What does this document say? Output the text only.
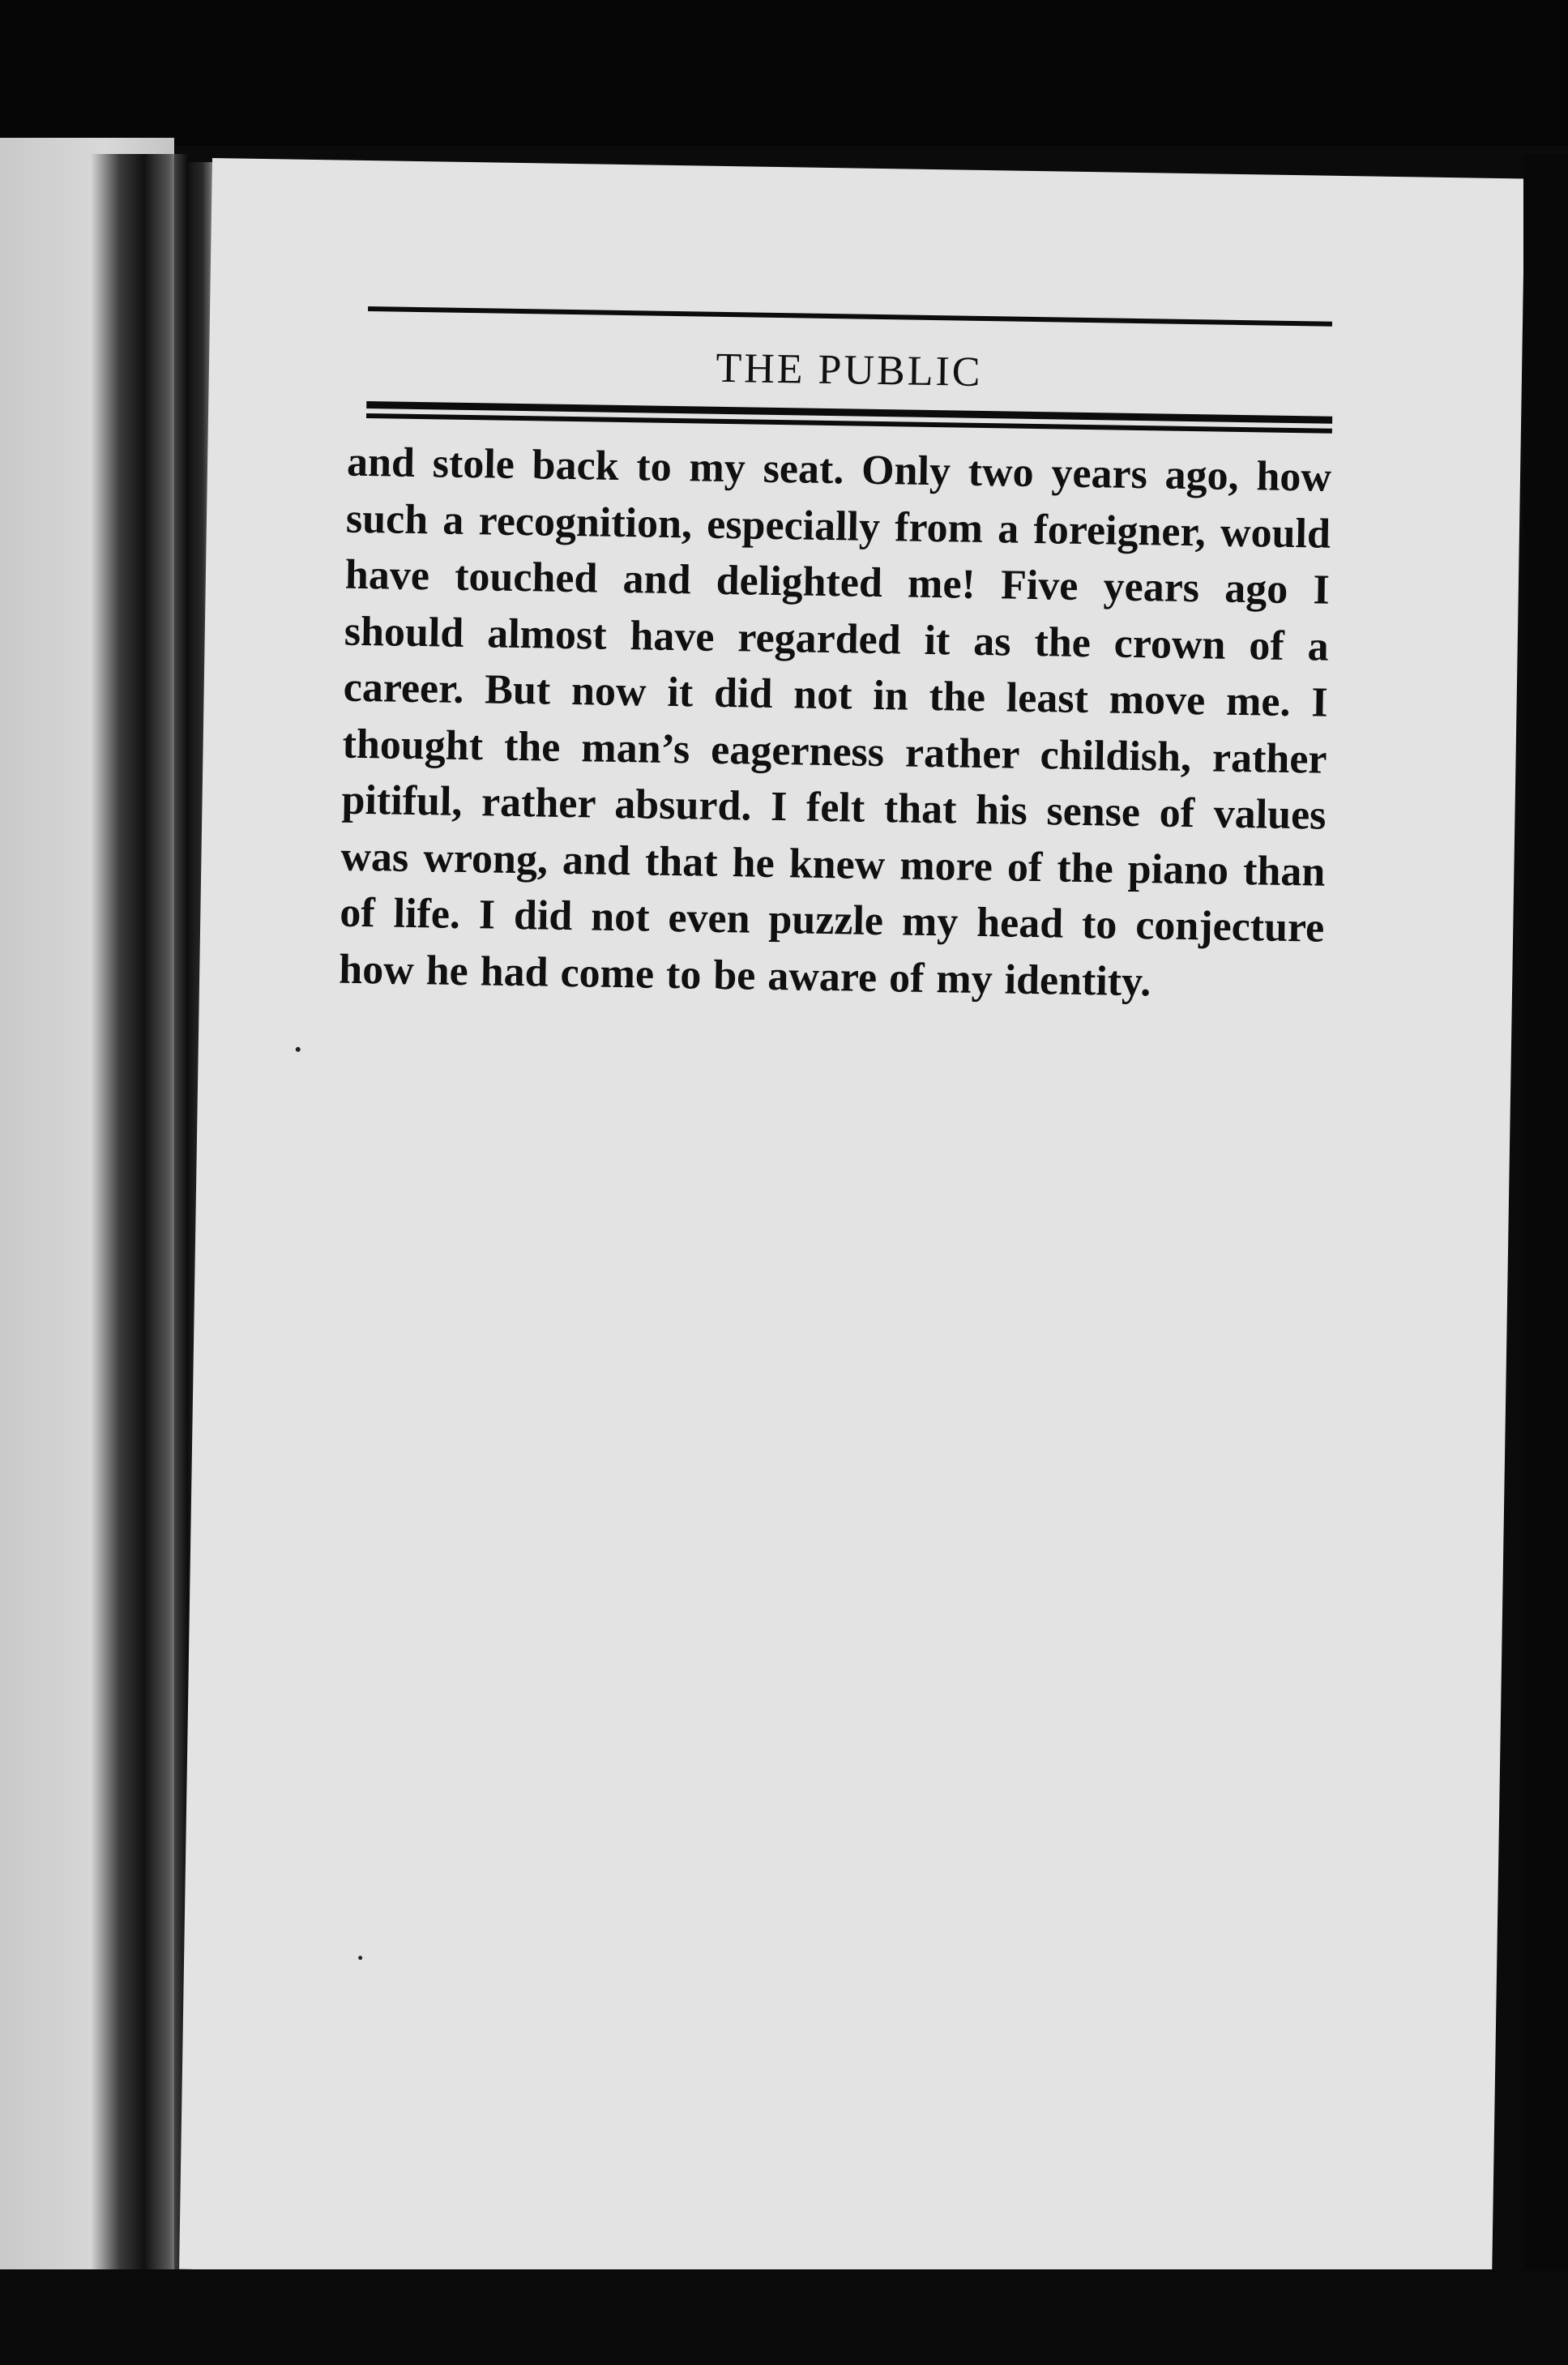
THE PUBLIC

and stole back to my seat. Only two years ago, how such a recognition, especially from a foreigner, would have touched and delighted me! Five years ago I should almost have regarded it as the crown of a career. But now it did not in the least move me. I thought the man’s eagerness rather childish, rather pitiful, rather absurd. I felt that his sense of values was wrong, and that he knew more of the piano than of life. I did not even puzzle my head to conjecture how he had come to be aware of my identity.
